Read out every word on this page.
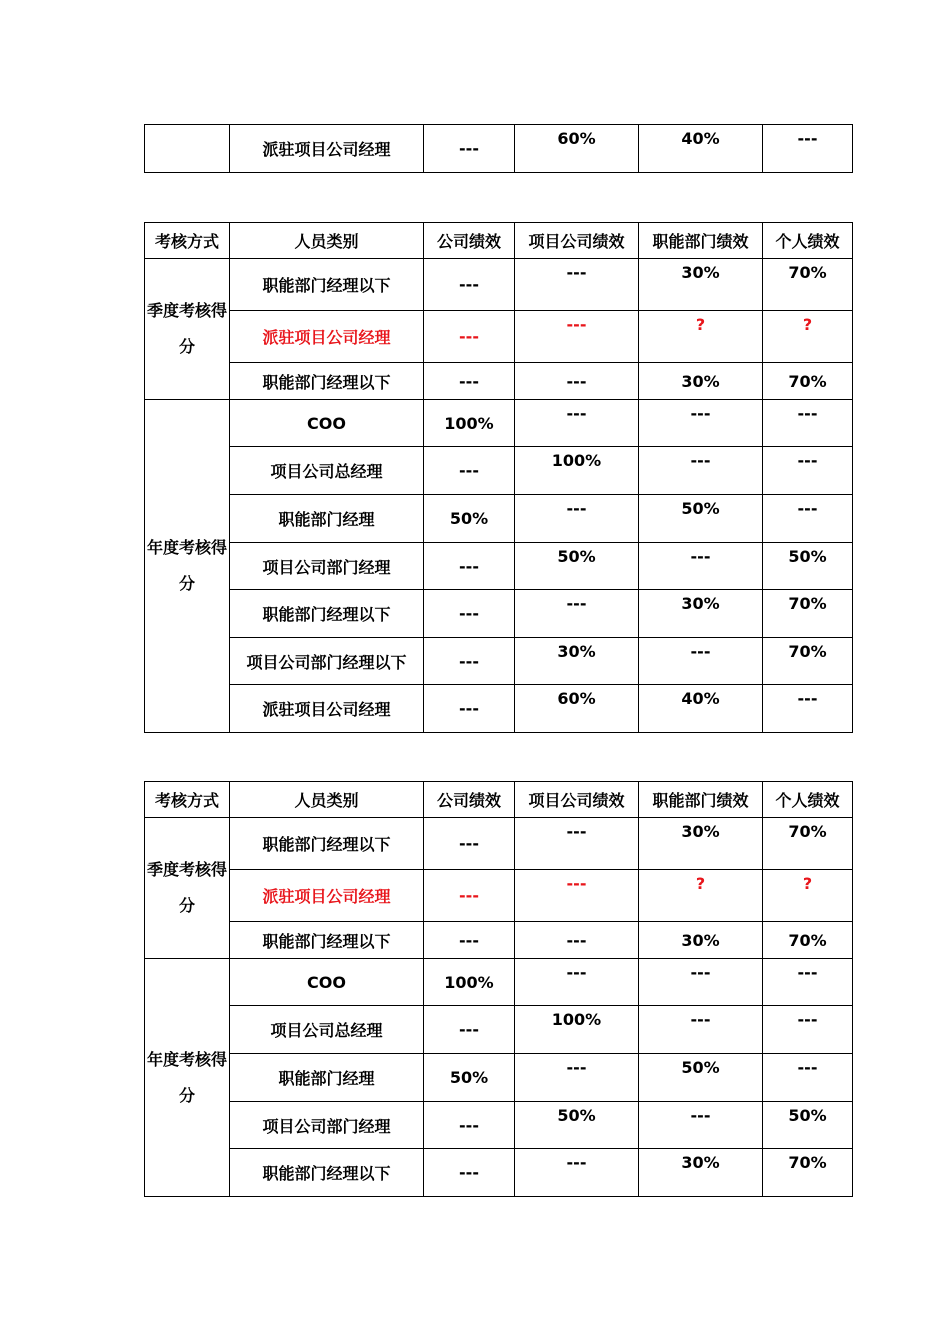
	派驻项目公司经理	---	60%	40%	---
考核方式	人员类别	公司绩效	项目公司绩效	职能部门绩效	个人绩效
季度考核得分	职能部门经理以下	---	---	30%	70%
	派驻项目公司经理	---	---	?	?
	职能部门经理以下	---	---	30%	70%
年度考核得分	COO	100%	---	---	---
	项目公司总经理	---	100%	---	---
	职能部门经理	50%	---	50%	---
	项目公司部门经理	---	50%	---	50%
	职能部门经理以下	---	---	30%	70%
	项目公司部门经理以下	---	30%	---	70%
	派驻项目公司经理	---	60%	40%	---
考核方式	人员类别	公司绩效	项目公司绩效	职能部门绩效	个人绩效
季度考核得分	职能部门经理以下	---	---	30%	70%
	派驻项目公司经理	---	---	?	?
	职能部门经理以下	---	---	30%	70%
年度考核得分	COO	100%	---	---	---
	项目公司总经理	---	100%	---	---
	职能部门经理	50%	---	50%	---
	项目公司部门经理	---	50%	---	50%
	职能部门经理以下	---	---	30%	70%
